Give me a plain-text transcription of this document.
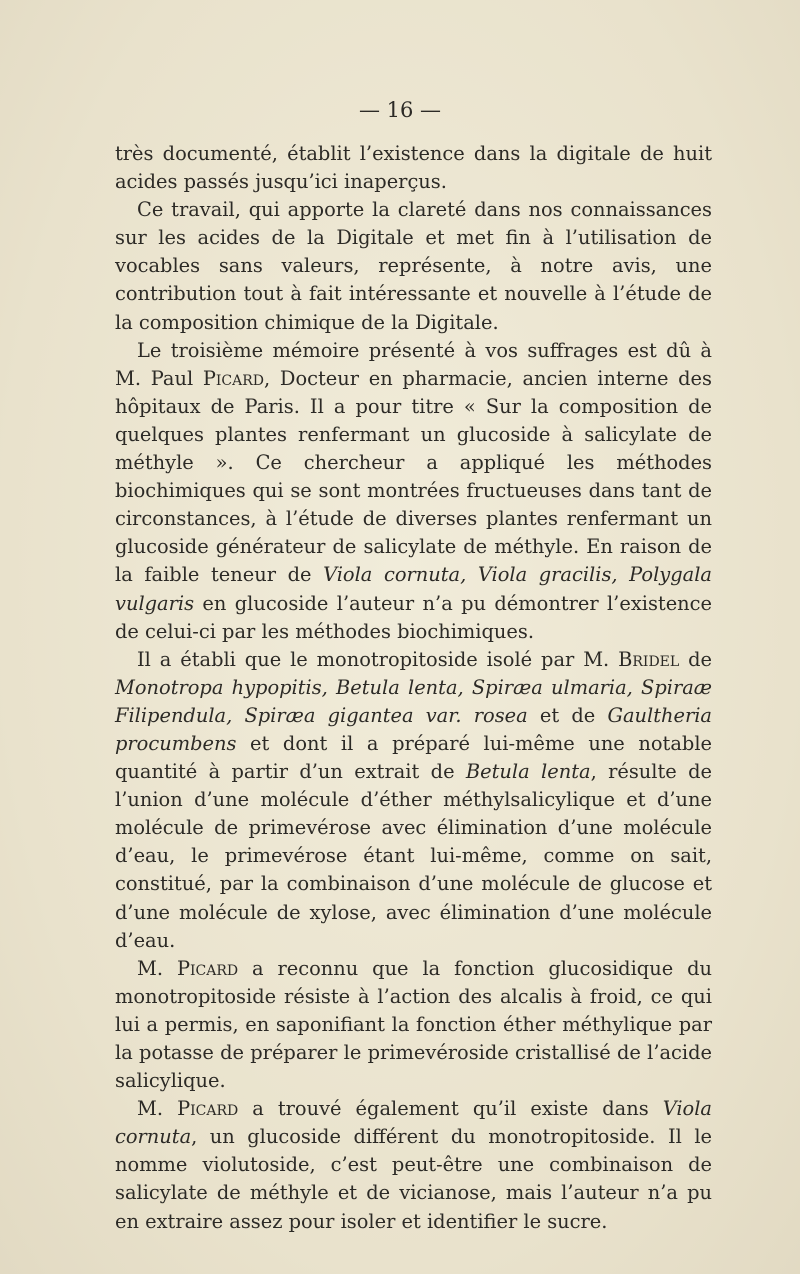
— 16 —

très documenté, établit l’existence dans la digitale de huit acides passés jusqu’ici inaperçus.

Ce travail, qui apporte la clareté dans nos connaissances sur les acides de la Digitale et met fin à l’utilisation de vocables sans valeurs, représente, à notre avis, une contribution tout à fait intéressante et nouvelle à l’étude de la composition chimique de la Digitale.

Le troisième mémoire présenté à vos suffrages est dû à M. Paul Picard, Docteur en pharmacie, ancien interne des hôpitaux de Paris. Il a pour titre « Sur la composition de quelques plantes renfermant un glucoside à salicylate de méthyle ». Ce chercheur a appliqué les méthodes biochimiques qui se sont montrées fructueuses dans tant de circonstances, à l’étude de diverses plantes renfermant un glucoside générateur de salicylate de méthyle. En raison de la faible teneur de Viola cornuta, Viola gracilis, Polygala vulgaris en glucoside l’auteur n’a pu démontrer l’existence de celui-ci par les méthodes biochimiques.

Il a établi que le monotropitoside isolé par M. Bridel de Monotropa hypopitis, Betula lenta, Spiræa ulmaria, Spiraæ Filipendula, Spiræa gigantea var. rosea et de Gaultheria procumbens et dont il a préparé lui-même une notable quantité à partir d’un extrait de Betula lenta, résulte de l’union d’une molécule d’éther méthylsalicylique et d’une molécule de primevérose avec élimination d’une molécule d’eau, le primevérose étant lui-même, comme on sait, constitué, par la combinaison d’une molécule de glucose et d’une molécule de xylose, avec élimination d’une molécule d’eau.

M. Picard a reconnu que la fonction glucosidique du monotropitoside résiste à l’action des alcalis à froid, ce qui lui a permis, en saponifiant la fonction éther méthylique par la potasse de préparer le primevéroside cristallisé de l’acide salicylique.

M. Picard a trouvé également qu’il existe dans Viola cornuta, un glucoside différent du monotropitoside. Il le nomme violutoside, c’est peut-être une combinaison de salicylate de méthyle et de vicianose, mais l’auteur n’a pu en extraire assez pour isoler et identifier le sucre.
